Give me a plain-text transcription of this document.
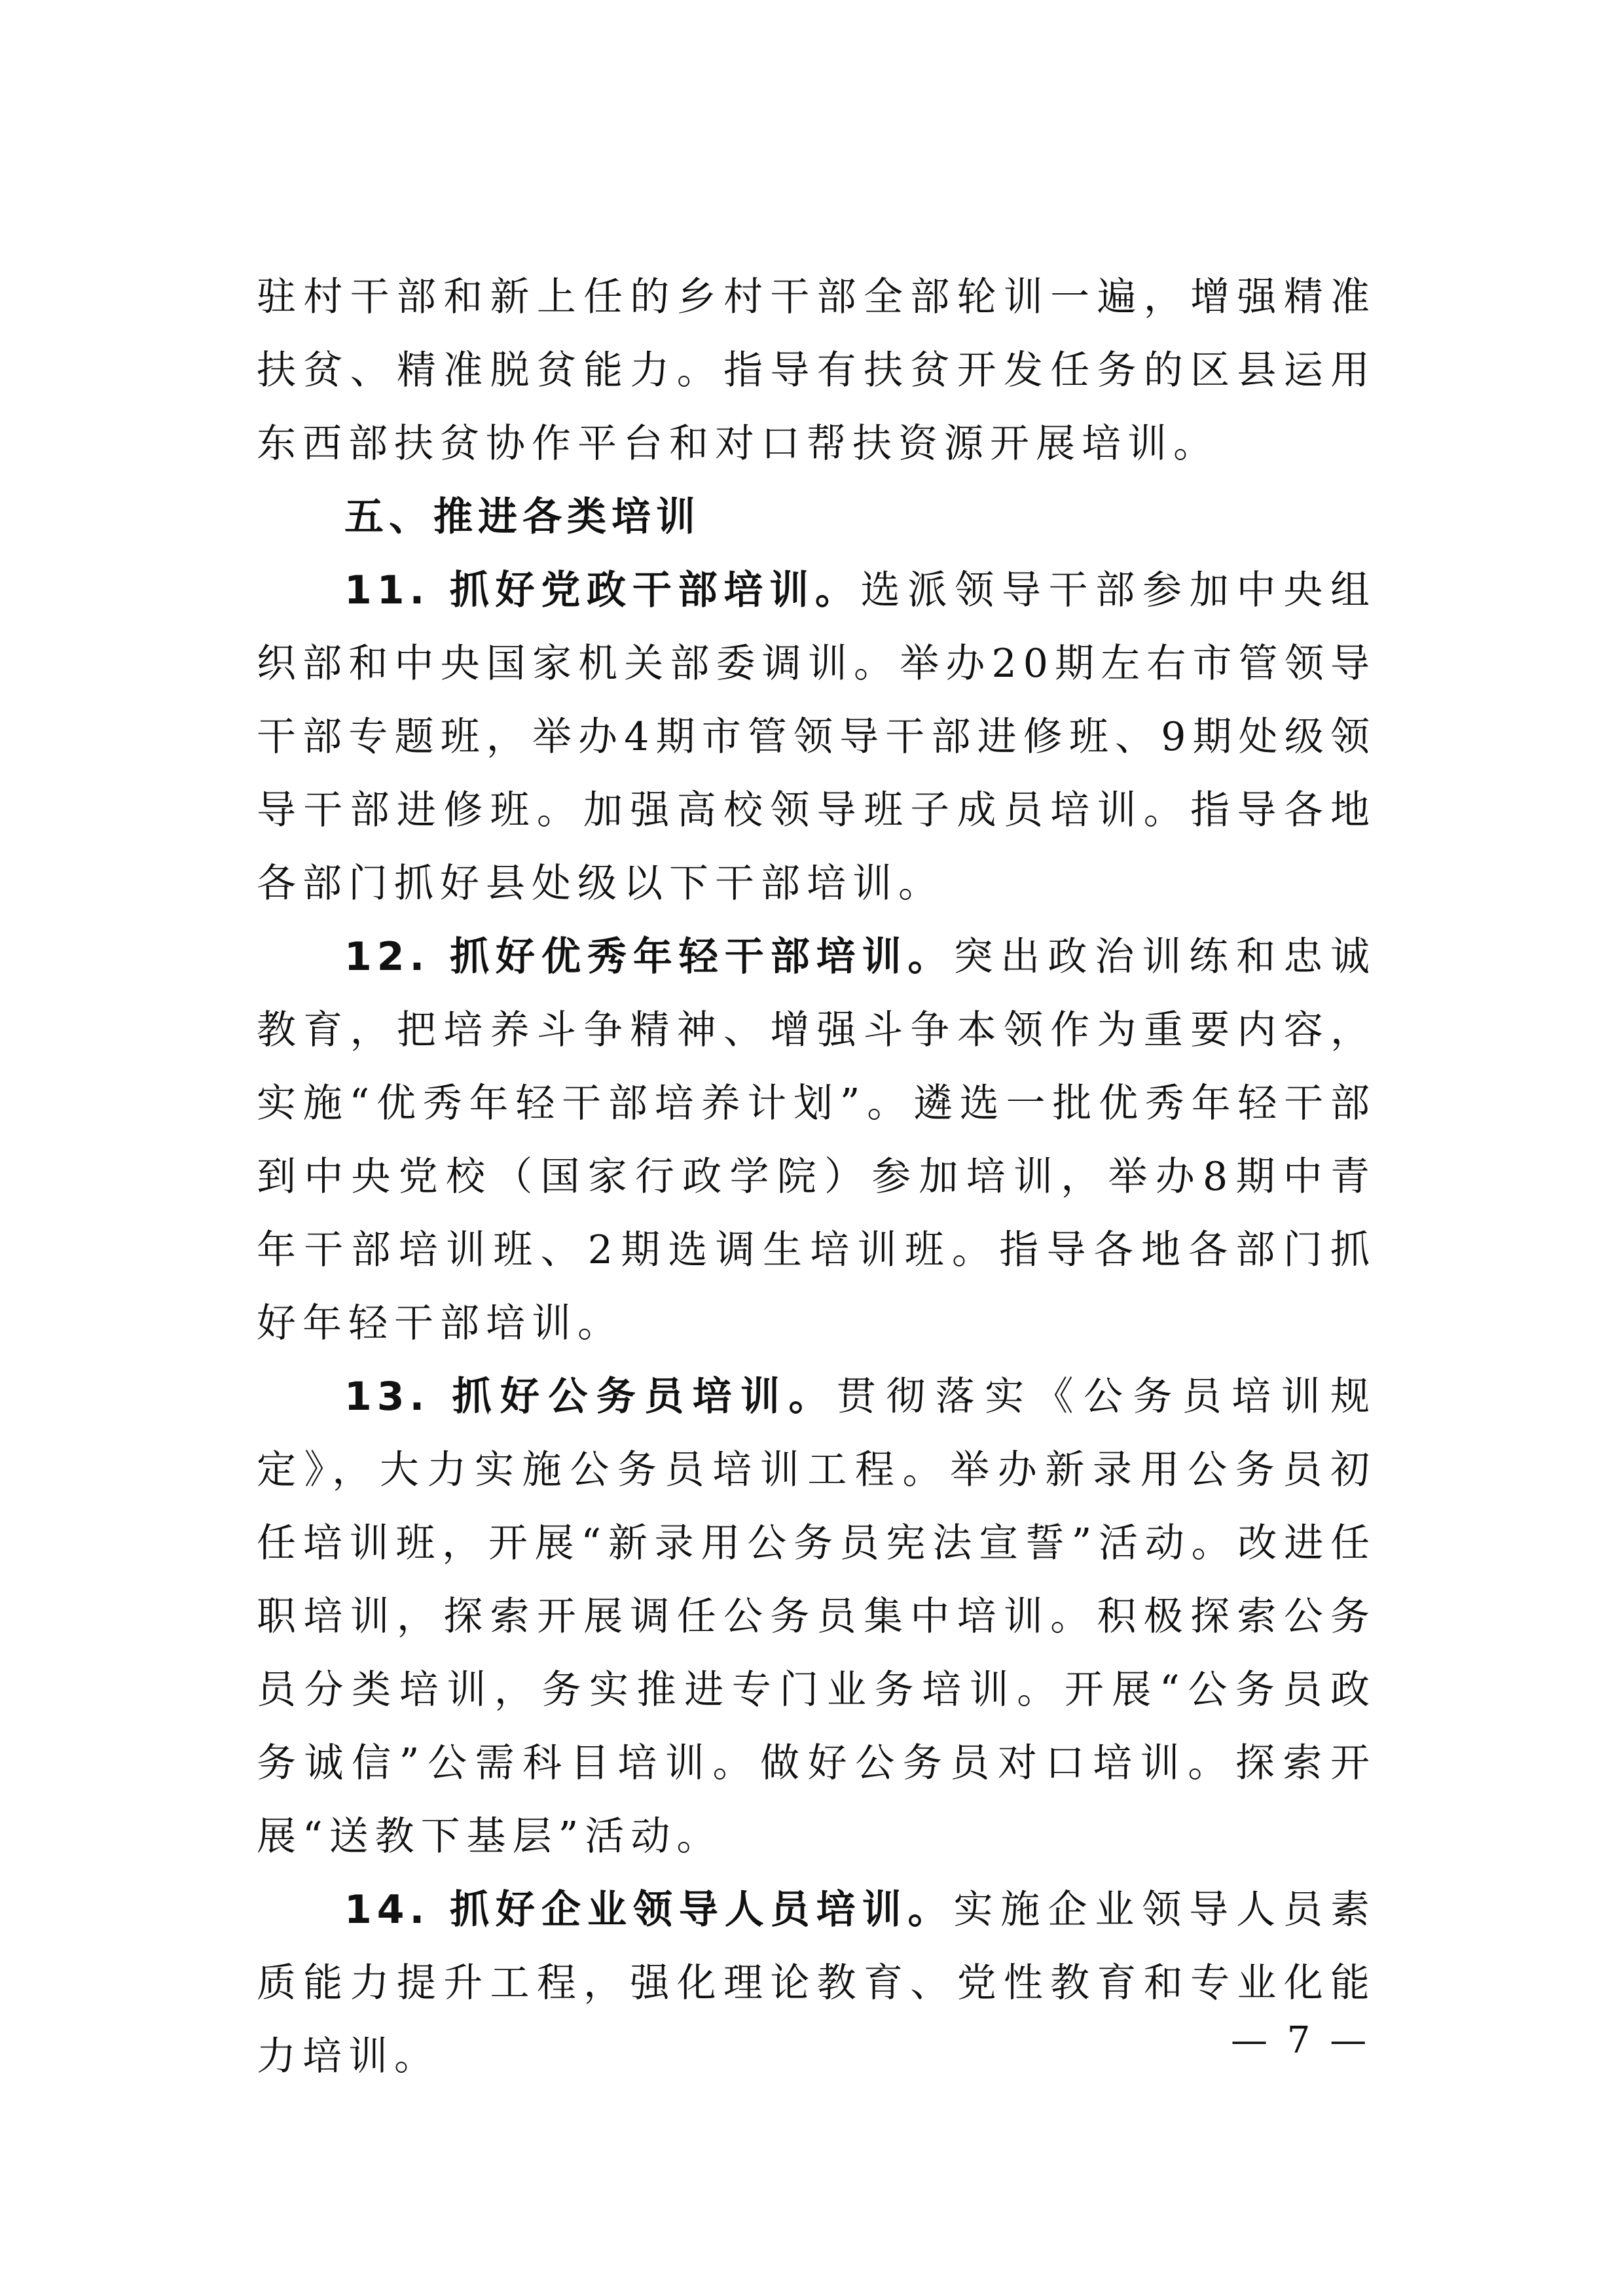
驻村干部和新上任的乡村干部全部轮训一遍，增强精准扶贫、精准脱贫能力。指导有扶贫开发任务的区县运用东西部扶贫协作平台和对口帮扶资源开展培训。

五、推进各类培训

11. 抓好党政干部培训。选派领导干部参加中央组织部和中央国家机关部委调训。举办20期左右市管领导干部专题班，举办4期市管领导干部进修班、9期处级领导干部进修班。加强高校领导班子成员培训。指导各地各部门抓好县处级以下干部培训。

12. 抓好优秀年轻干部培训。突出政治训练和忠诚教育，把培养斗争精神、增强斗争本领作为重要内容，实施“优秀年轻干部培养计划”。遴选一批优秀年轻干部到中央党校（国家行政学院）参加培训，举办8期中青年干部培训班、2期选调生培训班。指导各地各部门抓好年轻干部培训。

13. 抓好公务员培训。贯彻落实《公务员培训规定》，大力实施公务员培训工程。举办新录用公务员初任培训班，开展“新录用公务员宪法宣誓”活动。改进任职培训，探索开展调任公务员集中培训。积极探索公务员分类培训，务实推进专门业务培训。开展“公务员政务诚信”公需科目培训。做好公务员对口培训。探索开展“送教下基层”活动。

14. 抓好企业领导人员培训。实施企业领导人员素质能力提升工程，强化理论教育、党性教育和专业化能力培训。	— 7 —
